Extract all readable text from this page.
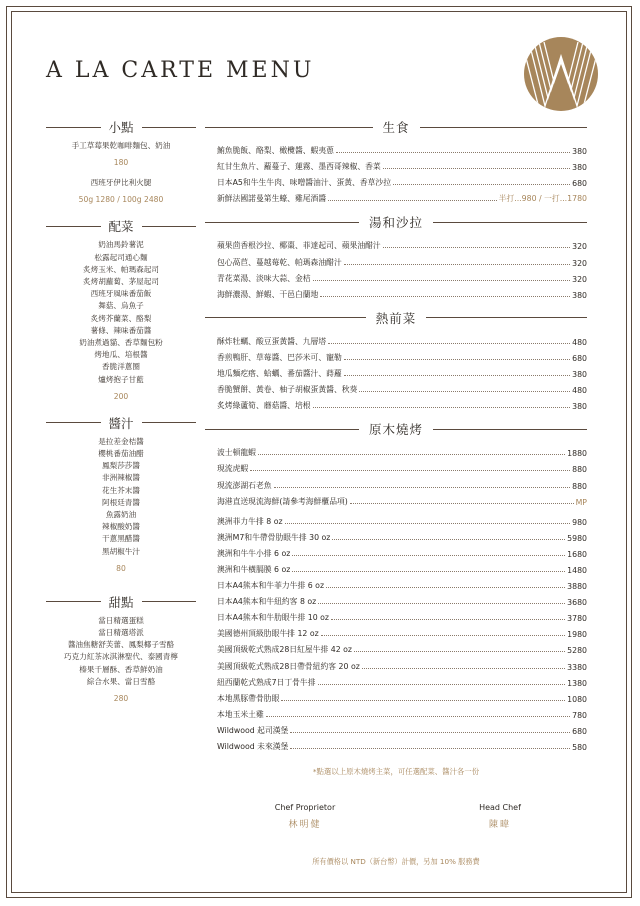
A LA CARTE MENU
小點
手工草莓果乾咖啡麵包、奶油
180
西班牙伊比利火腿
50g 1280 / 100g 2480
配菜
奶油馬鈴薯泥
松露起司通心麵
炙烤玉米、帕瑪森起司
炙烤胡蘿蔔、茅屋起司
西班牙風味番茄飯
舞菇、烏魚子
炙烤芥蘭菜、酪梨
薯條、辣味番茄醬
奶油煮過貓、香草麵包粉
烤地瓜、培根醬
香脆洋蔥圈
爐烤抱子甘藍
200
醬汁
是拉差金桔醬
櫻桃番茄油醋
鳳梨莎莎醬
非洲辣椒醬
花生芥末醬
阿根廷青醬
魚露奶油
辣椒酸奶醬
干蔥黑醋醬
黑胡椒牛汁
80
甜點
當日精選蛋糕
當日精選塔派
醬油焦糖舒芙蕾、鳳梨椰子雪酪
巧克力紅茶冰淇淋聖代、泰國青檸
榛果千層酥、香草鮮奶油
綜合水果、當日雪酪
280
生食
鮪魚脆飯、酪梨、橄欖醬、蝦夷蔥	380
紅甘生魚片、蘿蔓子、蓮霧、墨西哥辣椒、香菜	380
日本A5和牛生牛肉、味噌醬油汁、蛋黃、香草沙拉	680
新鮮法國諾曼第生蠔、雞尾酒醬	半打...980 / 一打...1780
湯和沙拉
蘋果茴香根沙拉、椰棗、菲達起司、蘋果油醋汁	320
包心萵苣、蔓越莓乾、帕瑪森油醋汁	320
青花菜湯、淡味大蒜、金桔	320
海鮮濃湯、鮮蝦、干邑白蘭地	380
熱前菜
酥炸牡蠣、酸豆蛋黃醬、九層塔	480
香煎鴨肝、草莓醬、巴莎米可、寵勒	680
地瓜麵疙瘩、蛤蠣、番茄醬汁、蒔蘿	380
香脆蟹餅、黃卷、柚子胡椒蛋黃醬、秋葵	480
炙烤綠蘆筍、蘑菇醬、培根	380
原木燒烤
波士頓龍蝦	1880
現流虎蝦	880
現流澎湖石老魚	880
海港直送現流海鮮 (請參考海鮮櫃品項)	MP
澳洲菲力牛排 8 oz	980
澳洲M7和牛帶骨肋眼牛排 30 oz	5980
澳洲和牛牛小排 6 oz	1680
澳洲和牛橫膈膜 6 oz	1480
日本A4熊本和牛菲力牛排 6 oz	3880
日本A4熊本和牛紐約客 8 oz	3680
日本A4熊本和牛肋眼牛排 10 oz	3780
美國德州頂級肋眼牛排 12 oz	1980
美國頂級乾式熟成28日紅屋牛排 42 oz	5280
美國頂級乾式熟成28日帶骨紐約客 20 oz	3380
紐西蘭乾式熟成7日丁骨牛排	1380
本地黑豚帶骨肋眼	1080
本地玉米土雞	780
Wildwood 起司漢堡	680
Wildwood 未來漢堡	580
*點選以上原木燒烤主菜，可任選配菜、醬汁各一份
Chef Proprietor
林明健
Head Chef
陳暐
所有價格以 NTD（新台幣）計價，另加 10% 服務費
